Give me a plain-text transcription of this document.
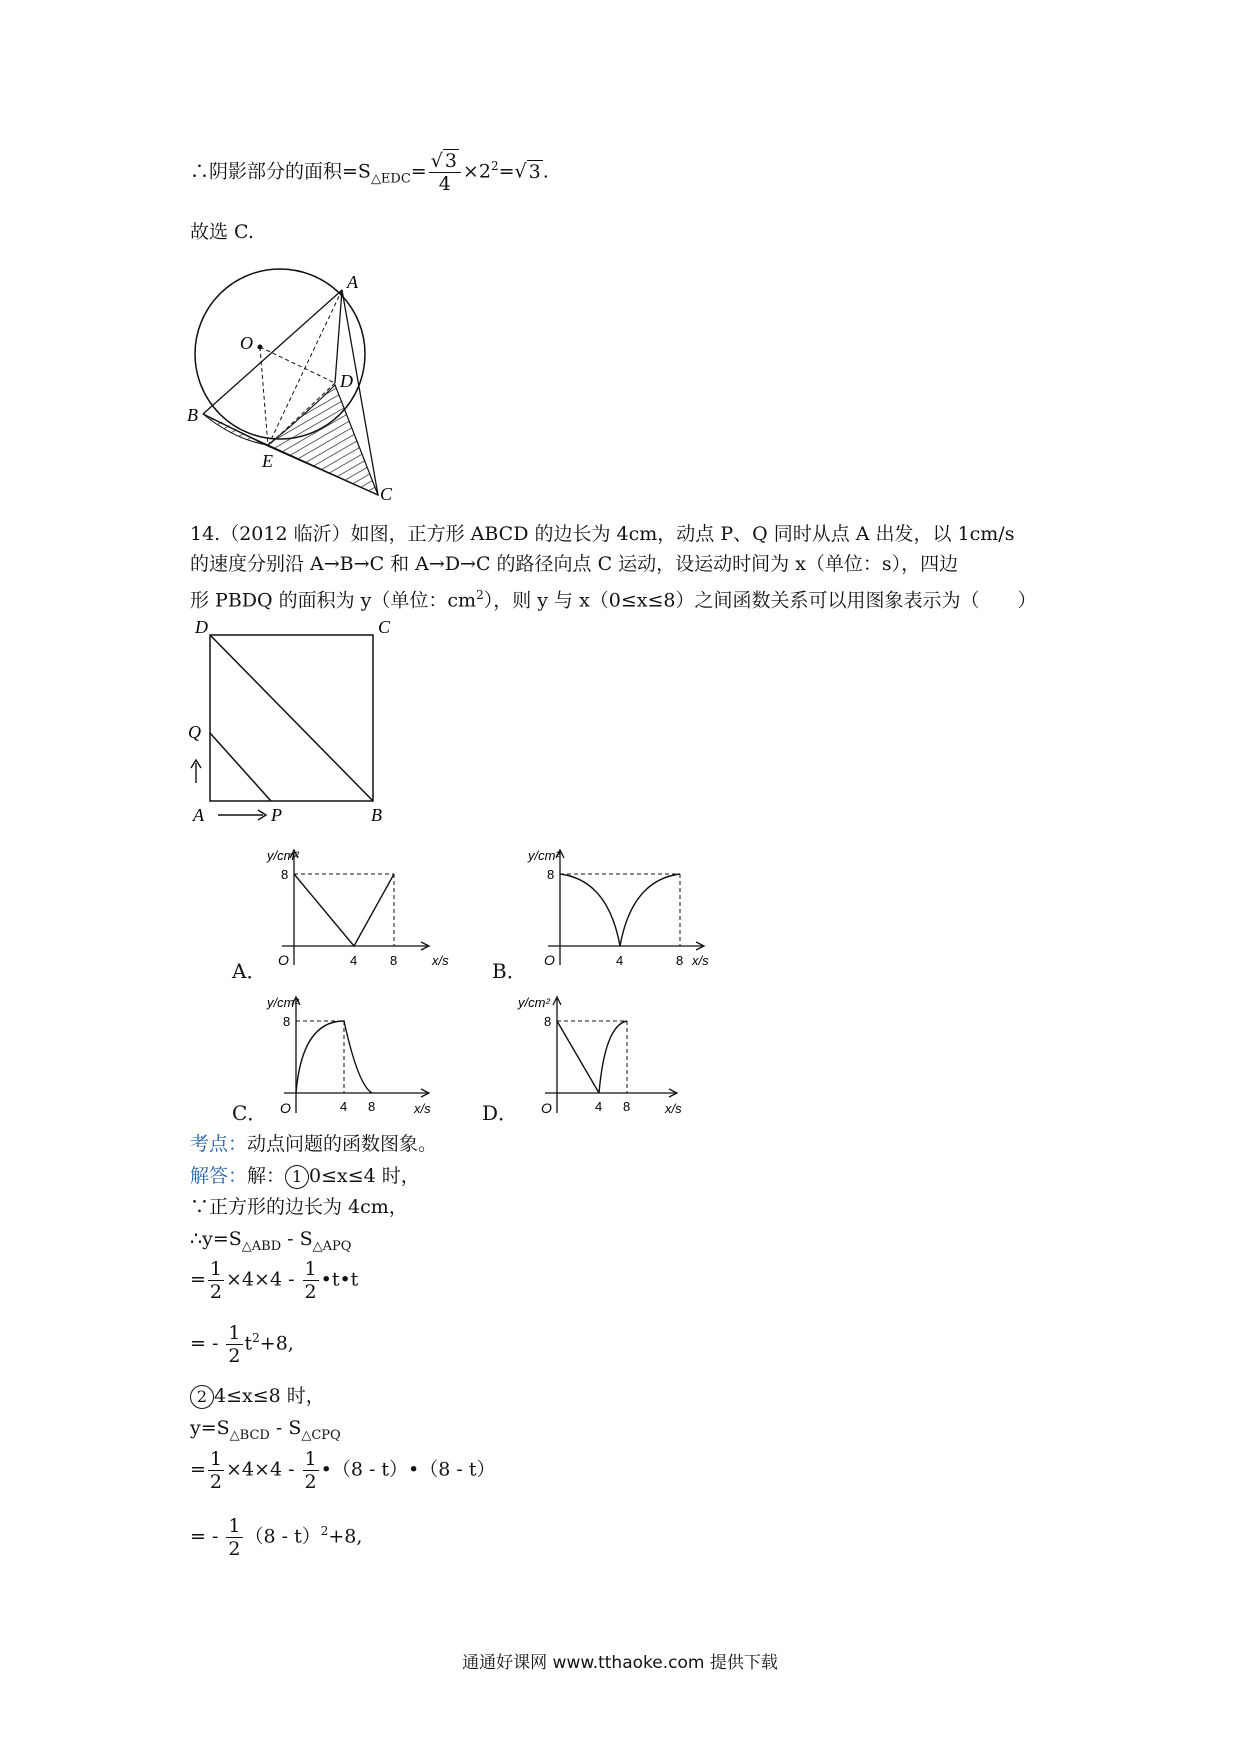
∴阴影部分的面积$=S_{\triangle EDC}= \frac{√ 3}{4} \times 2^2=√$ 3 .
故选 C.
A
O
D
B
E
C
14.（2012 临沂）如图，正方形 ABCD 的边长为 4cm，动点 P、Q 同时从点 A 出发，以 1cm/s
的速度分别沿 A→B→C 和 A→D→C 的路径向点 C 运动，设运动时间为 x（单位：s），四边
形 PBDQ 的面积为 y（单位：$cm^2$），则 y 与 x（0≤x≤8）之间函数关系可以用图象表示为（　　）
D	C
Q
A	P	B
A．
y/cm²
x/s
8
O	4	8	B．
y/cm²
x/s
8
O	4	8
C．
y/cm²
x/s
8
O	4 8	D．
y/cm²
x/s
8
O	4 8
考点：动点问题的函数图象。
解答：解： 1 0≤x≤4 时，
∵正方形的边长为 4cm，
$\therefore y=S_{\triangle ABD} - S_{\triangle APQ}$
= $\frac{1}{2} \times 4\times 4 - \frac{1}{2}$ •t•t
= - $\frac{1}{2} t^2+8$,
2 4≤x≤8 时，
$y=S_{\triangle BCD} - S_{\triangle CPQ}$
= $\frac{1}{2} \times 4\times 4 - \frac{1}{2}$ •（8 - t）•（8 - t）
= - $\frac{1}{2} (8 - t)^2+8$,
通通好课网 www.tthaoke.com 提供下载
